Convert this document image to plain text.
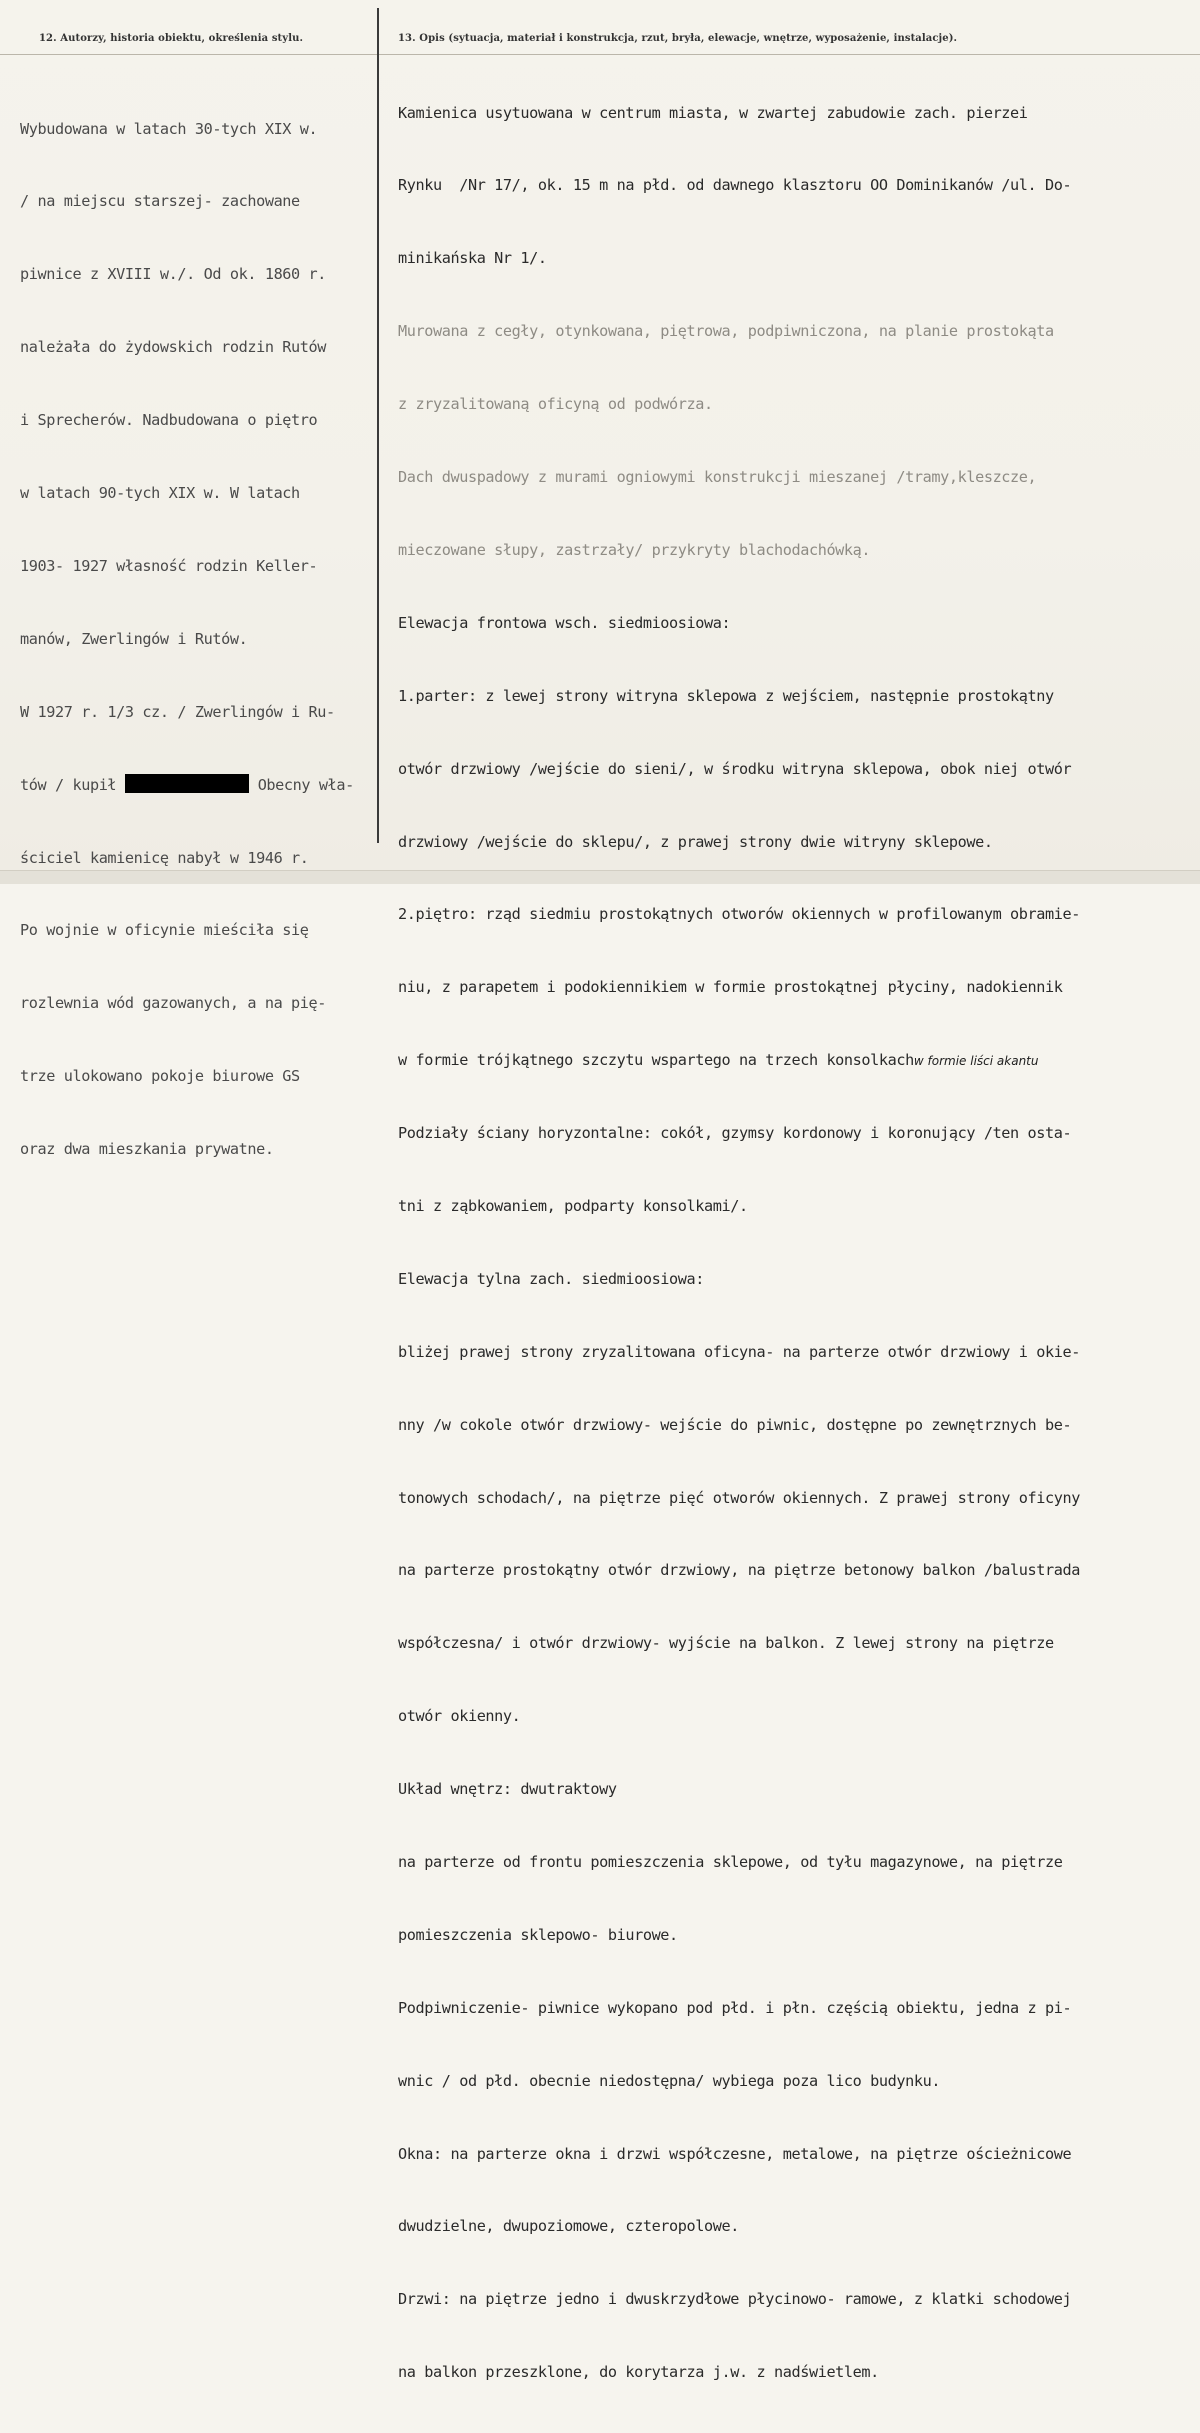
12. Autorzy, historia obiektu, określenia stylu.	13. Opis (sytuacja, materiał i konstrukcja, rzut, bryła, elewacje, wnętrze, wyposażenie, instalacje).

Wybudowana w latach 30-tych XIX w.

/ na miejscu starszej- zachowane

piwnice z XVIII w./. Od ok. 1860 r.

należała do żydowskich rodzin Rutów

i Sprecherów. Nadbudowana o piętro

w latach 90-tych XIX w. W latach

1903- 1927 własność rodzin Keller-

manów, Zwerlingów i Rutów.

W 1927 r. 1/3 cz. / Zwerlingów i Ru-

tów / kupił	Obecny wła-

ściciel kamienicę nabył w 1946 r.

Po wojnie w oficynie mieściła się

rozlewnia wód gazowanych, a na pię-

trze ulokowano pokoje biurowe GS

oraz dwa mieszkania prywatne.

Kamienica usytuowana w centrum miasta, w zwartej zabudowie zach. pierzei

Rynku  /Nr 17/, ok. 15 m na płd. od dawnego klasztoru OO Dominikanów /ul. Do-

minikańska Nr 1/.

Murowana z cegły, otynkowana, piętrowa, podpiwniczona, na planie prostokąta

z zryzalitowaną oficyną od podwórza.

Dach dwuspadowy z murami ogniowymi konstrukcji mieszanej /tramy,kleszcze,

mieczowane słupy, zastrzały/ przykryty blachodachówką.

Elewacja frontowa wsch. siedmioosiowa:

1.parter: z lewej strony witryna sklepowa z wejściem, następnie prostokątny

otwór drzwiowy /wejście do sieni/, w środku witryna sklepowa, obok niej otwór

drzwiowy /wejście do sklepu/, z prawej strony dwie witryny sklepowe.

2.piętro: rząd siedmiu prostokątnych otworów okiennych w profilowanym obramie-

niu, z parapetem i podokiennikiem w formie prostokątnej płyciny, nadokiennik

w formie trójkątnego szczytu wspartego na trzech konsolkachw formie liści akantu

Podziały ściany horyzontalne: cokół, gzymsy kordonowy i koronujący /ten osta-

tni z ząbkowaniem, podparty konsolkami/.

Elewacja tylna zach. siedmioosiowa:

bliżej prawej strony zryzalitowana oficyna- na parterze otwór drzwiowy i okie-

nny /w cokole otwór drzwiowy- wejście do piwnic, dostępne po zewnętrznych be-

tonowych schodach/, na piętrze pięć otworów okiennych. Z prawej strony oficyny

na parterze prostokątny otwór drzwiowy, na piętrze betonowy balkon /balustrada

współczesna/ i otwór drzwiowy- wyjście na balkon. Z lewej strony na piętrze

otwór okienny.

Układ wnętrz: dwutraktowy

na parterze od frontu pomieszczenia sklepowe, od tyłu magazynowe, na piętrze

pomieszczenia sklepowo- biurowe.

Podpiwniczenie- piwnice wykopano pod płd. i płn. częścią obiektu, jedna z pi-

wnic / od płd. obecnie niedostępna/ wybiega poza lico budynku.

Okna: na parterze okna i drzwi współczesne, metalowe, na piętrze ościeżnicowe

dwudzielne, dwupoziomowe, czteropolowe.

Drzwi: na piętrze jedno i dwuskrzydłowe płycinowo- ramowe, z klatki schodowej

na balkon przeszklone, do korytarza j.w. z nadświetlem.
